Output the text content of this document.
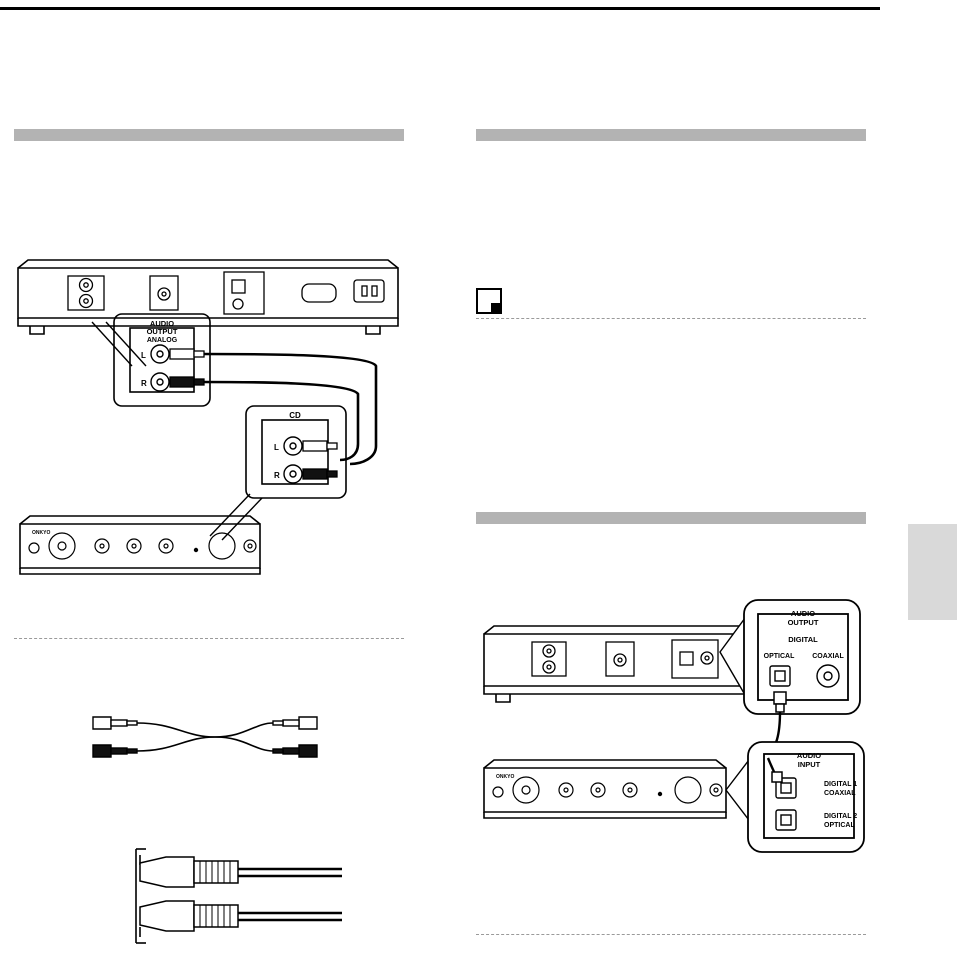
AUDIO
OUTPUT
ANALOG
L
R
CD
L
R
ONKYO
AUDIO
OUTPUT
DIGITAL
OPTICAL	COAXIAL
ONKYO
AUDIO
INPUT
DIGITAL 1
COAXIAL
DIGITAL 2
OPTICAL
